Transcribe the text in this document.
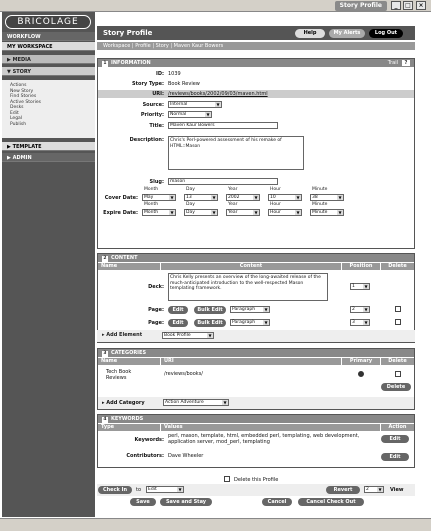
Story Profile	_	□	×
BRICOLAGE
WORKFLOW
MY WORKSPACE
▶ MEDIA
▼ STORY
Actions
New Story
Find Stories
Active Stories
Desks
Edit
Legal
Publish
▶ TEMPLATE
▶ ADMIN
Story Profile	Help	My Alerts	Log Out
Workspace | Profile | Story | Maven Kaur Bowers
1 INFORMATION	Trail	?
ID: 1039
Story Type: Book Review
URI: /reviews/books/2002/09/03/maven.html
Source:	Internal ▼
Priority:	Normal ▼
Title:	Maven Kaur Bowers
Description:	Chris's Perl-powered assessment of his remake of HTML::Mason
Slug:	mason
Month	Day	Year	Hour	Minute
Cover Date:	May ▼	13 ▼	2002 ▼	10 ▼	38 ▼
Month	Day	Year	Hour	Minute
Expire Date:	Month ▼	Day ▼	Year ▼	Hour ▼	Minute ▼
2 CONTENT
Name	Content	Position	Delete
Deck:
Chris Kelly presents an overview of the long-awaited release of the much-anticipated introduction to the well-respected Mason templating framework.	1 ▼
Page:	Edit	Bulk Edit	Paragraph ▼	2 ▼
Page:	Edit	Bulk Edit	Paragraph ▼	3 ▼
▸ Add Element	Book Profile ▼
3 CATEGORIES
Name	URI	Primary	Delete
Tech Book Reviews
/reviews/books/
Delete
▸ Add Category	Action Adventure ▼
4 KEYWORDS
Type	Values	Action
Keywords:
perl, mason, template, html, embedded perl, templating, web development, application server, mod_perl, templating	Edit
Contributors: Dave Wheeler	Edit
Delete this Profile
Check In	to	Edit ▼	Revert	2 ▼	View
Save	Save and Stay	Cancel	Cancel Check Out
